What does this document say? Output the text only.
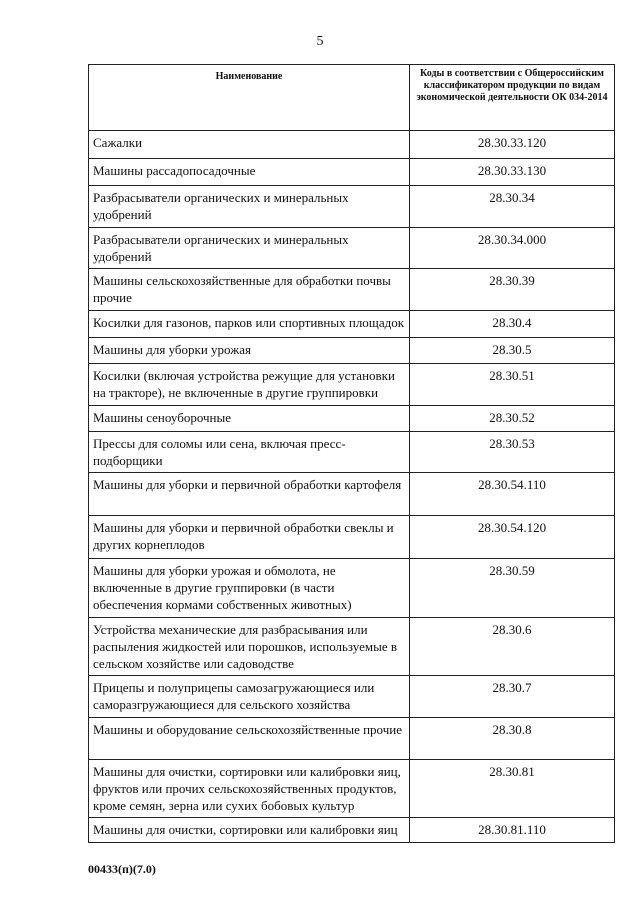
5
Наименование	Коды в соответствии с Общероссийским классификатором продукции по видам экономической деятельности ОК 034-2014
Сажалки	28.30.33.120
Машины рассадопосадочные	28.30.33.130
Разбрасыватели органических и минеральных удобрений	28.30.34
Разбрасыватели органических и минеральных удобрений	28.30.34.000
Машины сельскохозяйственные для обработки почвы прочие	28.30.39
Косилки для газонов, парков или спортивных площадок	28.30.4
Машины для уборки урожая	28.30.5
Косилки (включая устройства режущие для установки на тракторе), не включенные в другие группировки	28.30.51
Машины сеноуборочные	28.30.52
Прессы для соломы или сена, включая пресс-подборщики	28.30.53
Машины для уборки и первичной обработки картофеля	28.30.54.110
Машины для уборки и первичной обработки свеклы и других корнеплодов	28.30.54.120
Машины для уборки урожая и обмолота, не включенные в другие группировки (в части обеспечения кормами собственных животных)	28.30.59
Устройства механические для разбрасывания или распыления жидкостей или порошков, используемые в сельском хозяйстве или садоводстве	28.30.6
Прицепы и полуприцепы самозагружающиеся или саморазгружающиеся для сельского хозяйства	28.30.7
Машины и оборудование сельскохозяйственные прочие	28.30.8
Машины для очистки, сортировки или калибровки яиц, фруктов или прочих сельскохозяйственных продуктов, кроме семян, зерна или сухих бобовых культур	28.30.81
Машины для очистки, сортировки или калибровки яиц	28.30.81.110
00433(п)(7.0)
